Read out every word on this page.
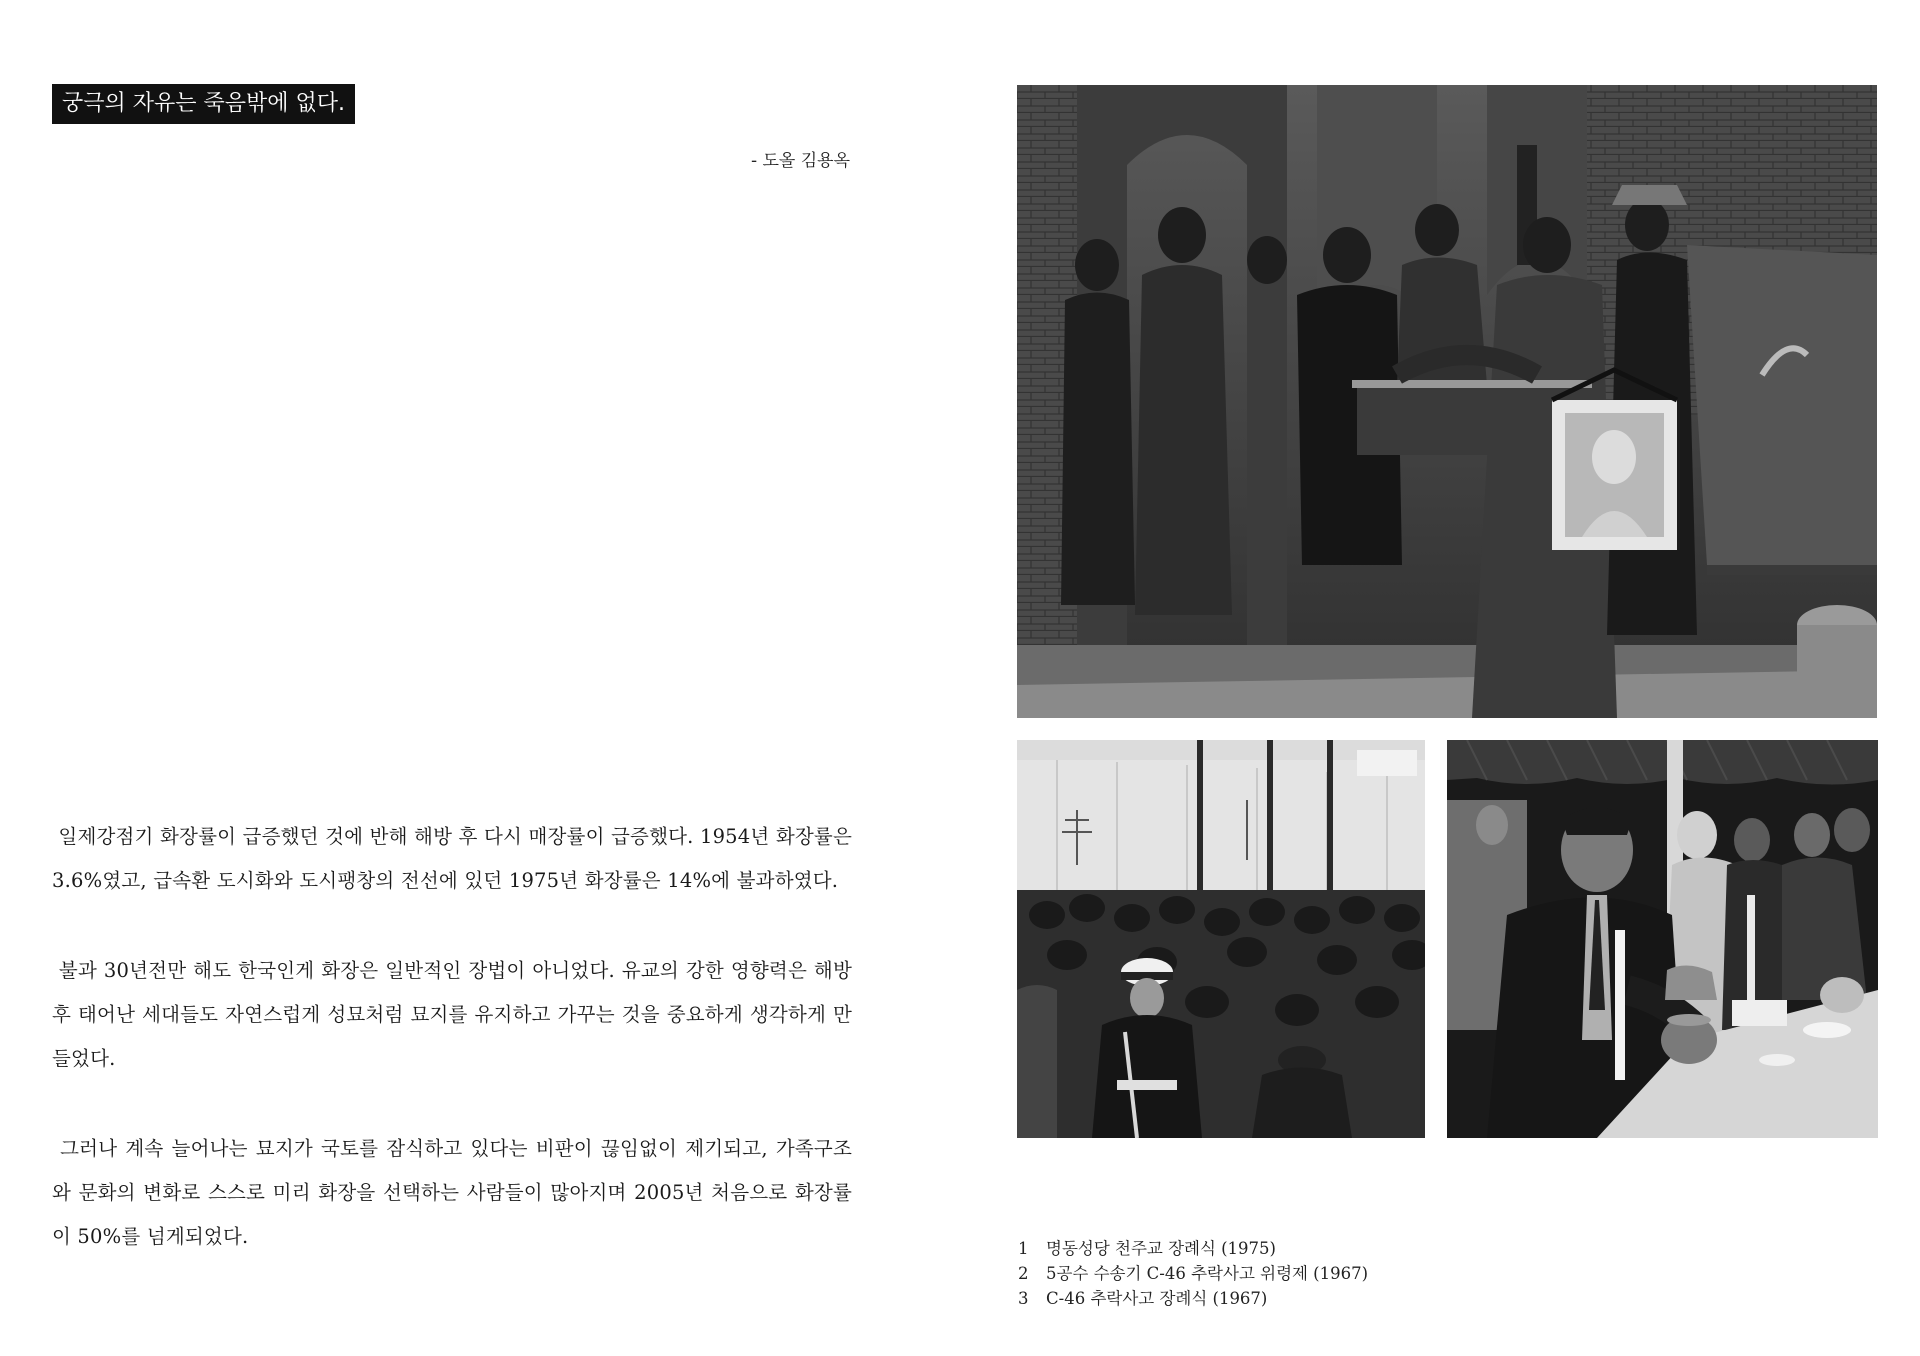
궁극의 자유는 죽음밖에 없다.
- 도올 김용옥

일제강점기 화장률이 급증했던 것에 반해 해방 후 다시 매장률이 급증했다. 1954년 화장률은 3.6%였고, 급속환 도시화와 도시팽창의 전선에 있던 1975년 화장률은 14%에 불과하였다.

불과 30년전만 해도 한국인게 화장은 일반적인 장법이 아니었다. 유교의 강한 영향력은 해방 후 태어난 세대들도 자연스럽게 성묘처럼 묘지를 유지하고 가꾸는 것을 중요하게 생각하게 만들었다.

그러나 계속 늘어나는 묘지가 국토를 잠식하고 있다는 비판이 끊임없이 제기되고, 가족구조와 문화의 변화로 스스로 미리 화장을 선택하는 사람들이 많아지며 2005년 처음으로 화장률이 50%를 넘게되었다.

1 명동성당 천주교 장례식 (1975)
2 5공수 수송기 C-46 추락사고 위령제 (1967)
3 C-46 추락사고 장례식 (1967)
